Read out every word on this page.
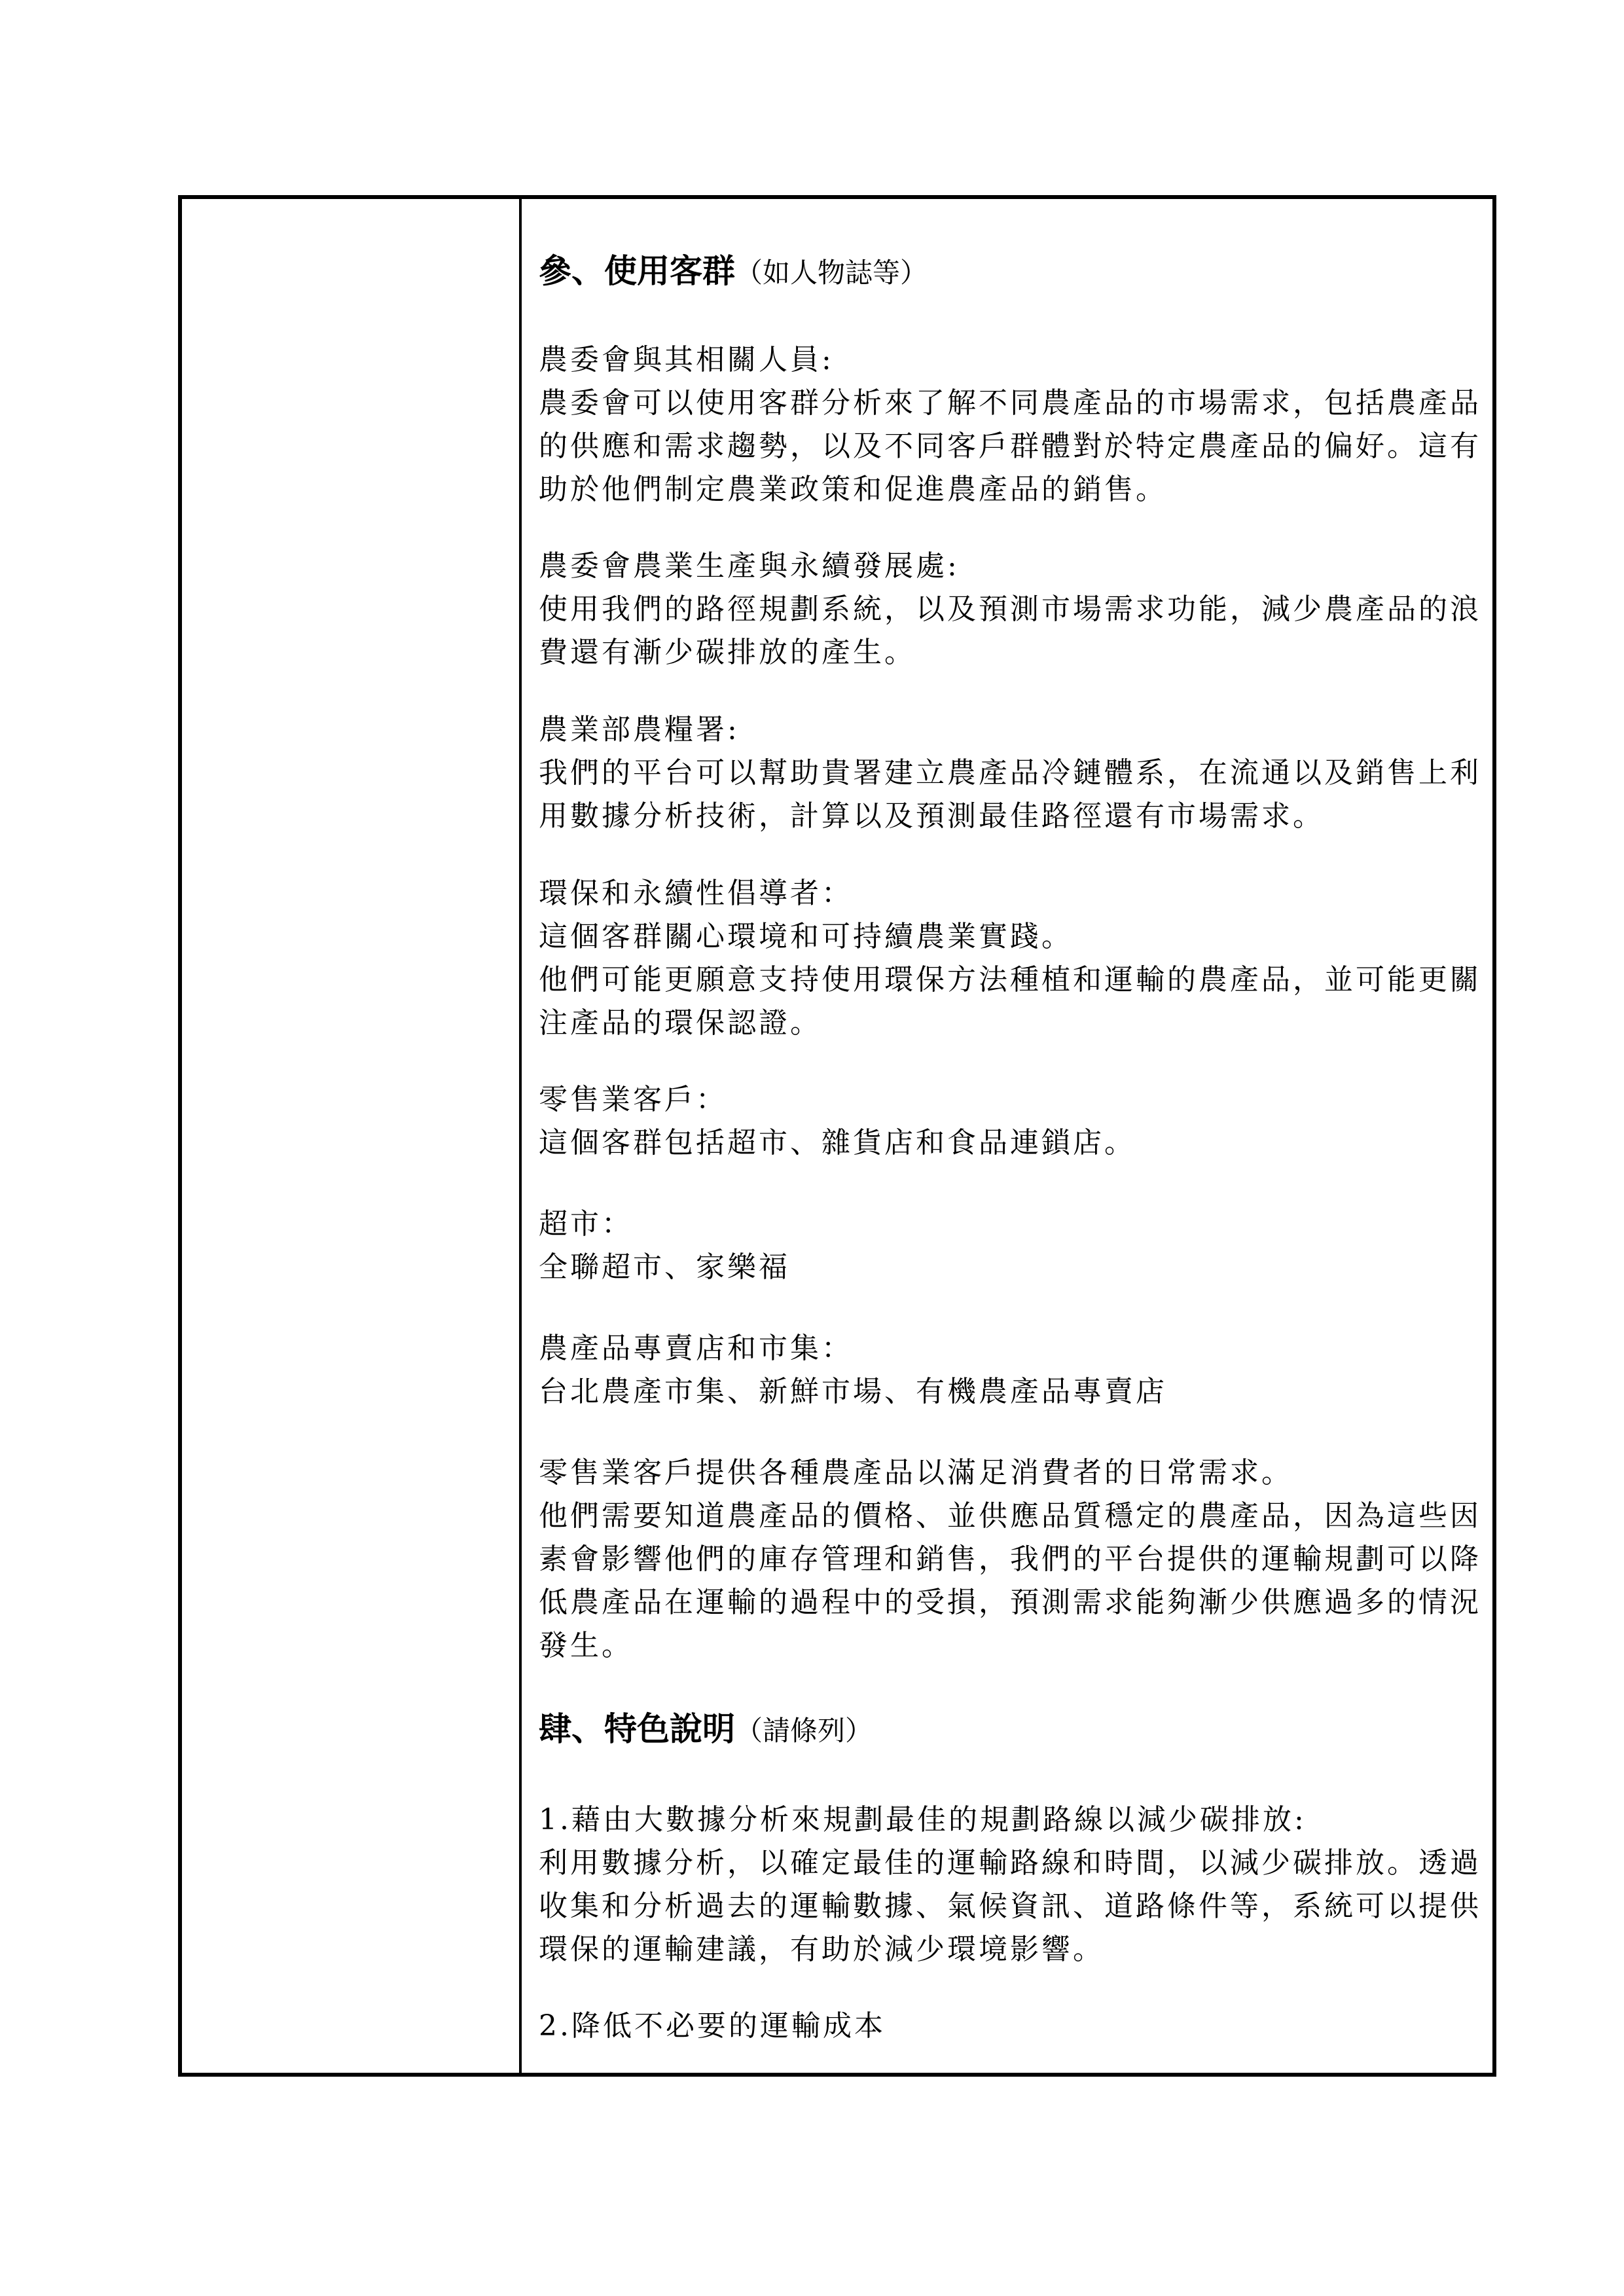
參、使用客群（如人物誌等）

農委會與其相關人員:

農委會可以使用客群分析來了解不同農產品的市場需求，包括農產品的供應和需求趨勢，以及不同客戶群體對於特定農產品的偏好。這有助於他們制定農業政策和促進農產品的銷售。

農委會農業生產與永續發展處:

使用我們的路徑規劃系統，以及預測市場需求功能，減少農產品的浪費還有漸少碳排放的產生。

農業部農糧署:

我們的平台可以幫助貴署建立農產品冷鏈體系，在流通以及銷售上利用數據分析技術，計算以及預測最佳路徑還有市場需求。

環保和永續性倡導者：

這個客群關心環境和可持續農業實踐。

他們可能更願意支持使用環保方法種植和運輸的農產品，並可能更關注產品的環保認證。

零售業客戶：

這個客群包括超市、雜貨店和食品連鎖店。

超市：

全聯超市、家樂福

農產品專賣店和市集：

台北農產市集、新鮮市場、有機農產品專賣店

零售業客戶提供各種農產品以滿足消費者的日常需求。

他們需要知道農產品的價格、並供應品質穩定的農產品，因為這些因素會影響他們的庫存管理和銷售，我們的平台提供的運輸規劃可以降低農產品在運輸的過程中的受損，預測需求能夠漸少供應過多的情況發生。

肆、特色說明（請條列）

1.藉由大數據分析來規劃最佳的規劃路線以減少碳排放:

利用數據分析，以確定最佳的運輸路線和時間，以減少碳排放。透過收集和分析過去的運輸數據、氣候資訊、道路條件等，系統可以提供環保的運輸建議，有助於減少環境影響。

2.降低不必要的運輸成本
